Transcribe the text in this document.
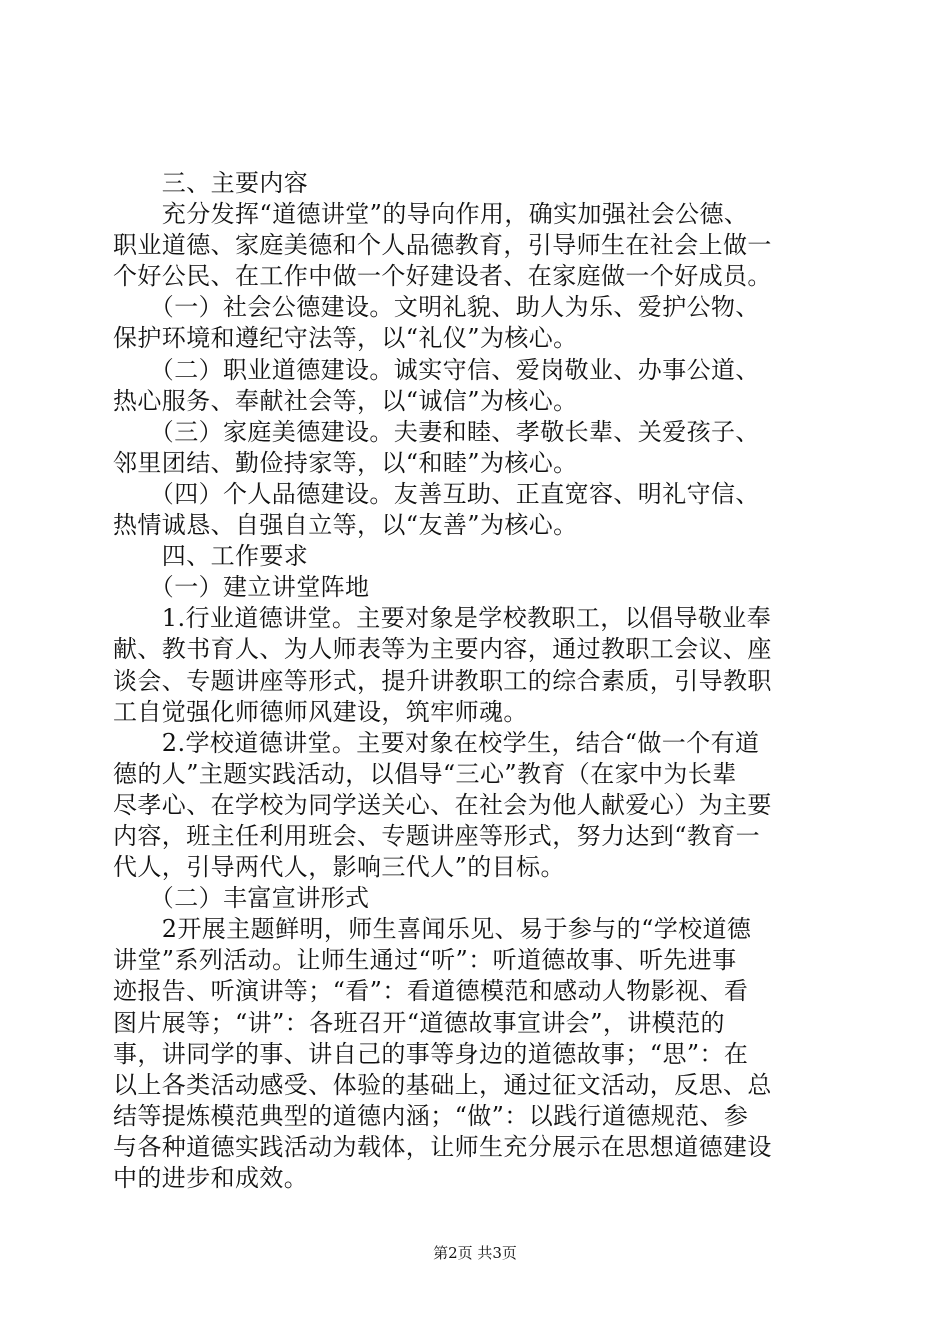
　　三、主要内容
　　充分发挥“道德讲堂”的导向作用，确实加强社会公德、
职业道德、家庭美德和个人品德教育，引导师生在社会上做一
个好公民、在工作中做一个好建设者、在家庭做一个好成员。
　　（一）社会公德建设。文明礼貌、助人为乐、爱护公物、
保护环境和遵纪守法等，以“礼仪”为核心。
　　（二）职业道德建设。诚实守信、爱岗敬业、办事公道、
热心服务、奉献社会等，以“诚信”为核心。
　　（三）家庭美德建设。夫妻和睦、孝敬长辈、关爱孩子、
邻里团结、勤俭持家等，以“和睦”为核心。
　　（四）个人品德建设。友善互助、正直宽容、明礼守信、
热情诚恳、自强自立等，以“友善”为核心。
　　四、工作要求
　　（一）建立讲堂阵地
　　1.行业道德讲堂。主要对象是学校教职工，以倡导敬业奉
献、教书育人、为人师表等为主要内容，通过教职工会议、座
谈会、专题讲座等形式，提升讲教职工的综合素质，引导教职
工自觉强化师德师风建设，筑牢师魂。
　　2.学校道德讲堂。主要对象在校学生，结合“做一个有道
德的人”主题实践活动，以倡导“三心”教育（在家中为长辈
尽孝心、在学校为同学送关心、在社会为他人献爱心）为主要
内容，班主任利用班会、专题讲座等形式，努力达到“教育一
代人，引导两代人，影响三代人”的目标。
　　（二）丰富宣讲形式
　　2开展主题鲜明，师生喜闻乐见、易于参与的“学校道德
讲堂”系列活动。让师生通过“听”：听道德故事、听先进事
迹报告、听演讲等；“看”：看道德模范和感动人物影视、看
图片展等；“讲”：各班召开“道德故事宣讲会”，讲模范的
事，讲同学的事、讲自己的事等身边的道德故事；“思”：在
以上各类活动感受、体验的基础上，通过征文活动，反思、总
结等提炼模范典型的道德内涵；“做”：以践行道德规范、参
与各种道德实践活动为载体，让师生充分展示在思想道德建设
中的进步和成效。
第2页 共3页
